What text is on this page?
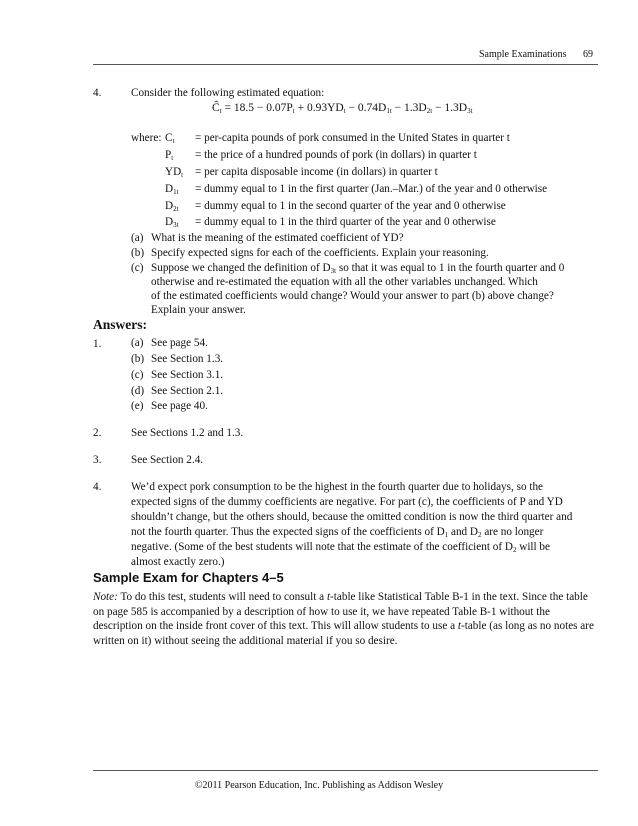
Sample Examinations 69
4.	Consider the following estimated equation:
$Ĉ_t = 18.5 - 0.07P_t + 0.93YD_t - 0.74D_{1t} - 1.3D_{2t} - 1.3D_{3t}$
where: $C_t$ = per-capita pounds of pork consumed in the United States in quarter t
$P_t$ = the price of a hundred pounds of pork (in dollars) in quarter t
$YD_t$ = per capita disposable income (in dollars) in quarter t
$D_{1t}$ = dummy equal to 1 in the first quarter (Jan.–Mar.) of the year and 0 otherwise
$D_{2t}$ = dummy equal to 1 in the second quarter of the year and 0 otherwise
$D_{3t}$ = dummy equal to 1 in the third quarter of the year and 0 otherwise
(a) What is the meaning of the estimated coefficient of YD?
(b) Specify expected signs for each of the coefficients. Explain your reasoning.
(c) Suppose we changed the definition of $D_{3t}$ so that it was equal to 1 in the fourth quarter and 0
otherwise and re-estimated the equation with all the other variables unchanged. Which
of the estimated coefficients would change? Would your answer to part (b) above change?
Explain your answer.
Answers:
1.	(a) See page 54.
(b) See Section 1.3.
(c) See Section 3.1.
(d) See Section 2.1.
(e) See page 40.
2.	See Sections 1.2 and 1.3.
3.	See Section 2.4.
4.	We’d expect pork consumption to be the highest in the fourth quarter due to holidays, so the
expected signs of the dummy coefficients are negative. For part (c), the coefficients of P and YD
shouldn’t change, but the others should, because the omitted condition is now the third quarter and
not the fourth quarter. Thus the expected signs of the coefficients of $D_1$ and $D_2$ are no longer
negative. (Some of the best students will note that the estimate of the coefficient of $D_2$ will be
almost exactly zero.)
Sample Exam for Chapters 4–5
Note: To do this test, students will need to consult a t-table like Statistical Table B-1 in the text. Since the table on page 585 is accompanied by a description of how to use it, we have repeated Table B-1 without the description on the inside front cover of this text. This will allow students to use a t-table (as long as no notes are written on it) without seeing the additional material if you so desire.
©2011 Pearson Education, Inc. Publishing as Addison Wesley
